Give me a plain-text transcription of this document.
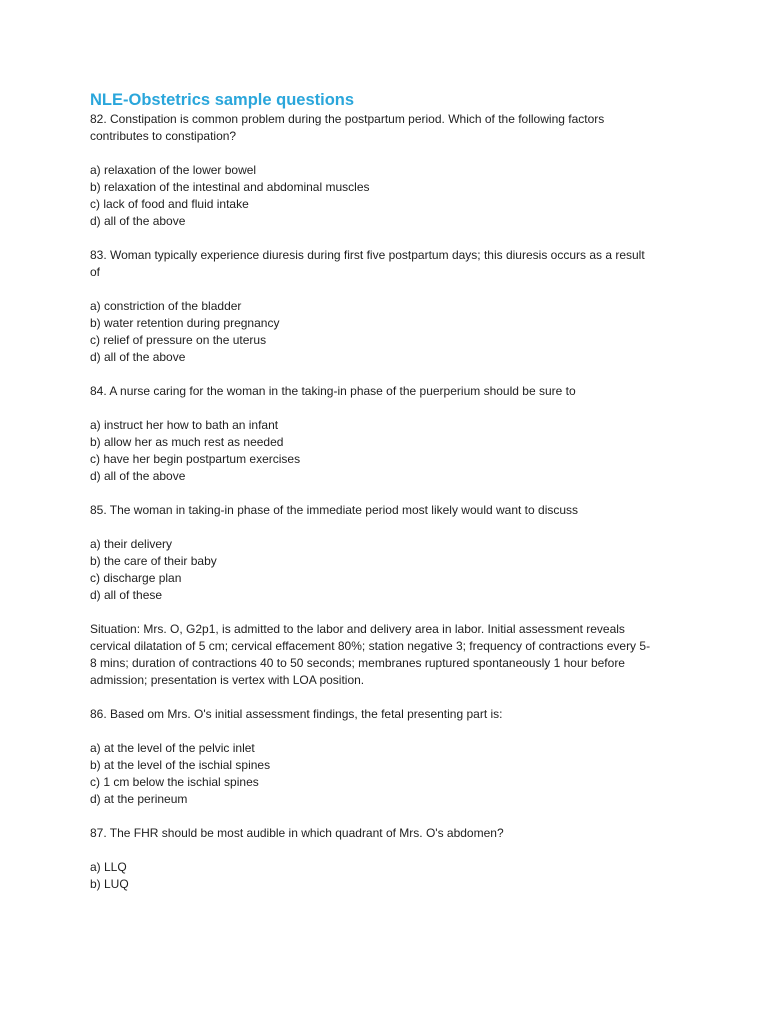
NLE-Obstetrics sample questions

82. Constipation is common problem during the postpartum period. Which of the following factors

contributes to constipation?

a) relaxation of the lower bowel

b) relaxation of the intestinal and abdominal muscles

c) lack of food and fluid intake

d) all of the above

83. Woman typically experience diuresis during first five postpartum days; this diuresis occurs as a result

of

a) constriction of the bladder

b) water retention during pregnancy

c) relief of pressure on the uterus

d) all of the above

84. A nurse caring for the woman in the taking-in phase of the puerperium should be sure to

a) instruct her how to bath an infant

b) allow her as much rest as needed

c) have her begin postpartum exercises

d) all of the above

85. The woman in taking-in phase of the immediate period most likely would want to discuss

a) their delivery

b) the care of their baby

c) discharge plan

d) all of these

Situation: Mrs. O, G2p1, is admitted to the labor and delivery area in labor. Initial assessment reveals

cervical dilatation of 5 cm; cervical effacement 80%; station negative 3; frequency of contractions every 5-

8 mins; duration of contractions 40 to 50 seconds; membranes ruptured spontaneously 1 hour before

admission; presentation is vertex with LOA position.

86. Based om Mrs. O's initial assessment findings, the fetal presenting part is:

a) at the level of the pelvic inlet

b) at the level of the ischial spines

c) 1 cm below the ischial spines

d) at the perineum

87. The FHR should be most audible in which quadrant of Mrs. O's abdomen?

a) LLQ

b) LUQ
